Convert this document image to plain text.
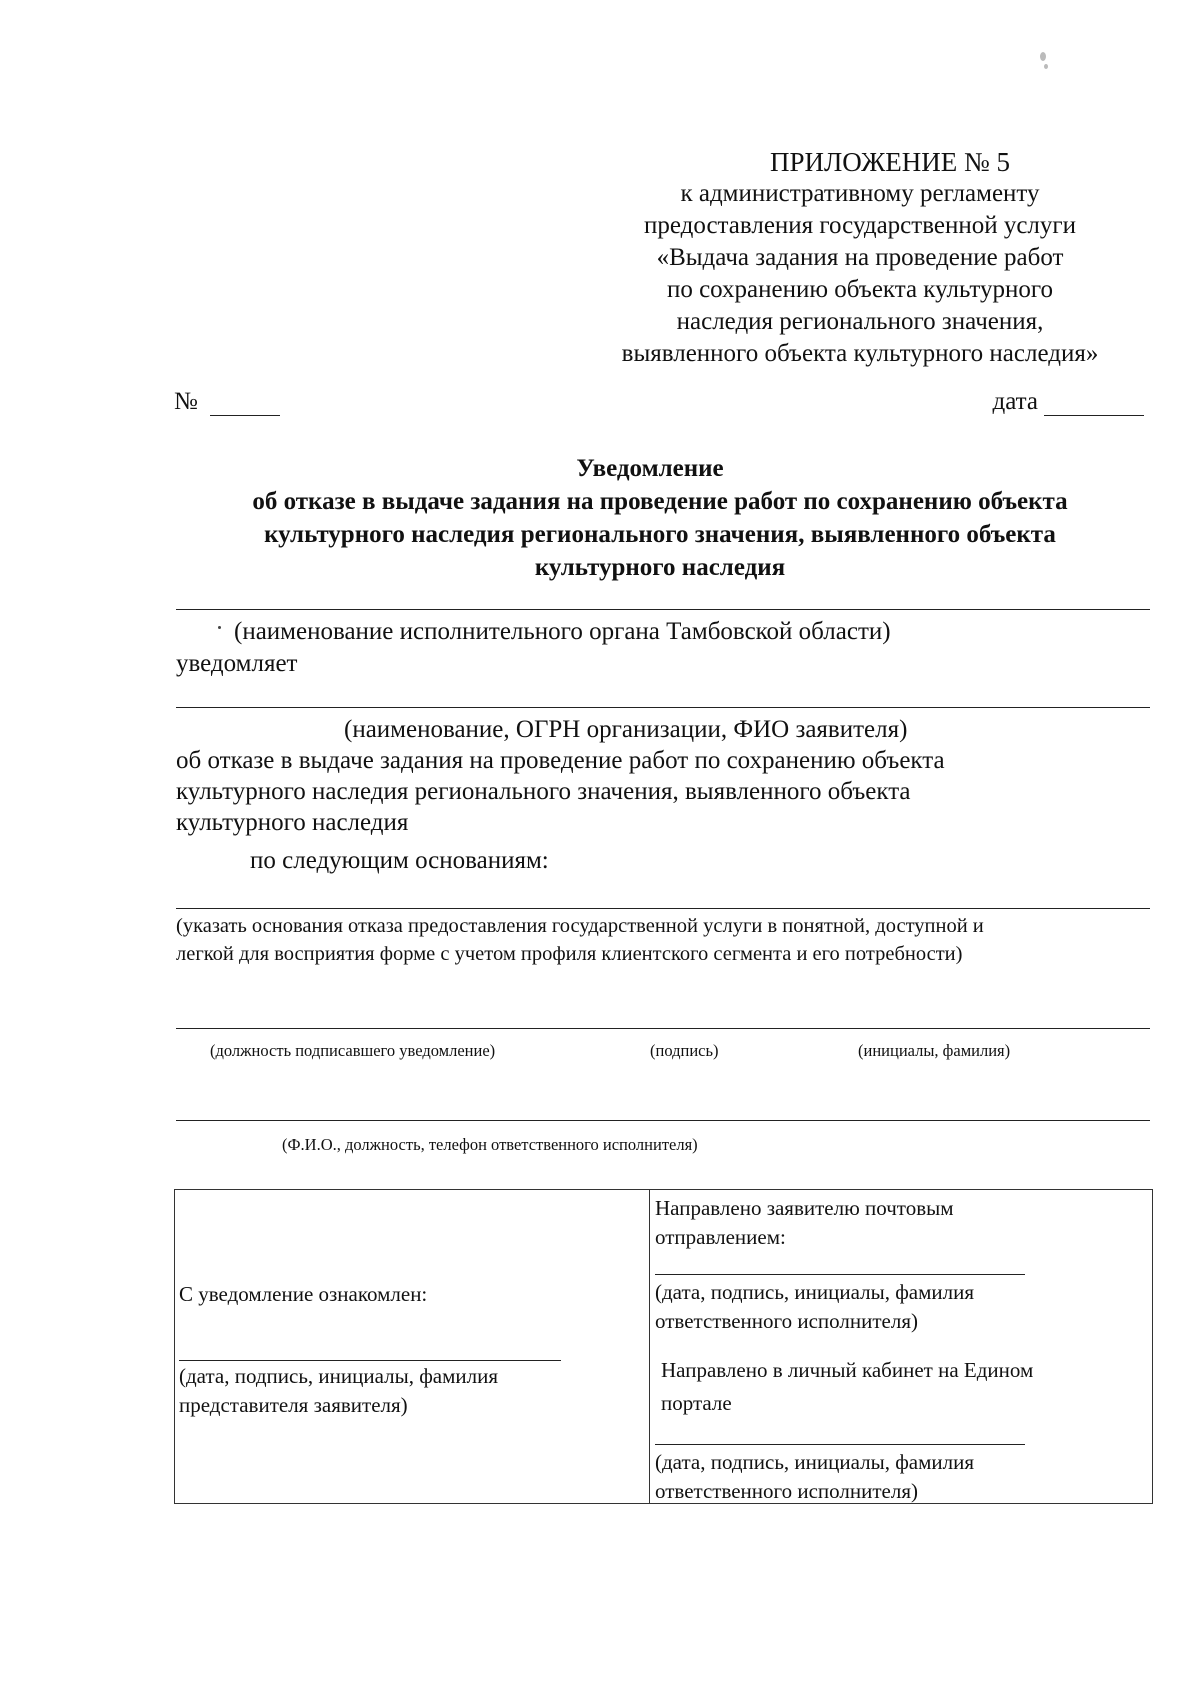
ПРИЛОЖЕНИЕ № 5
к административному регламенту
предоставления государственной услуги
«Выдача задания на проведение работ
по сохранению объекта культурного
наследия регионального значения,
выявленного объекта культурного наследия»
№	дата
Уведомление
об отказе в выдаче задания на проведение работ по сохранению объекта
культурного наследия регионального значения, выявленного объекта
культурного наследия
(наименование исполнительного органа Тамбовской области)
уведомляет
(наименование, ОГРН организации, ФИО заявителя)
об отказе в выдаче задания на проведение работ по сохранению объекта
культурного наследия регионального значения, выявленного объекта
культурного наследия
по следующим основаниям:
(указать основания отказа предоставления государственной услуги в понятной, доступной и
легкой для восприятия форме с учетом профиля клиентского сегмента и его потребности)
(должность подписавшего уведомление)	(подпись)	(инициалы, фамилия)
(Ф.И.О., должность, телефон ответственного исполнителя)
С уведомление ознакомлен:
(дата, подпись, инициалы, фамилия
представителя заявителя)
Направлено заявителю почтовым
отправлением:
(дата, подпись, инициалы, фамилия
ответственного исполнителя)
Направлено в личный кабинет на Едином
портале
(дата, подпись, инициалы, фамилия
ответственного исполнителя)
